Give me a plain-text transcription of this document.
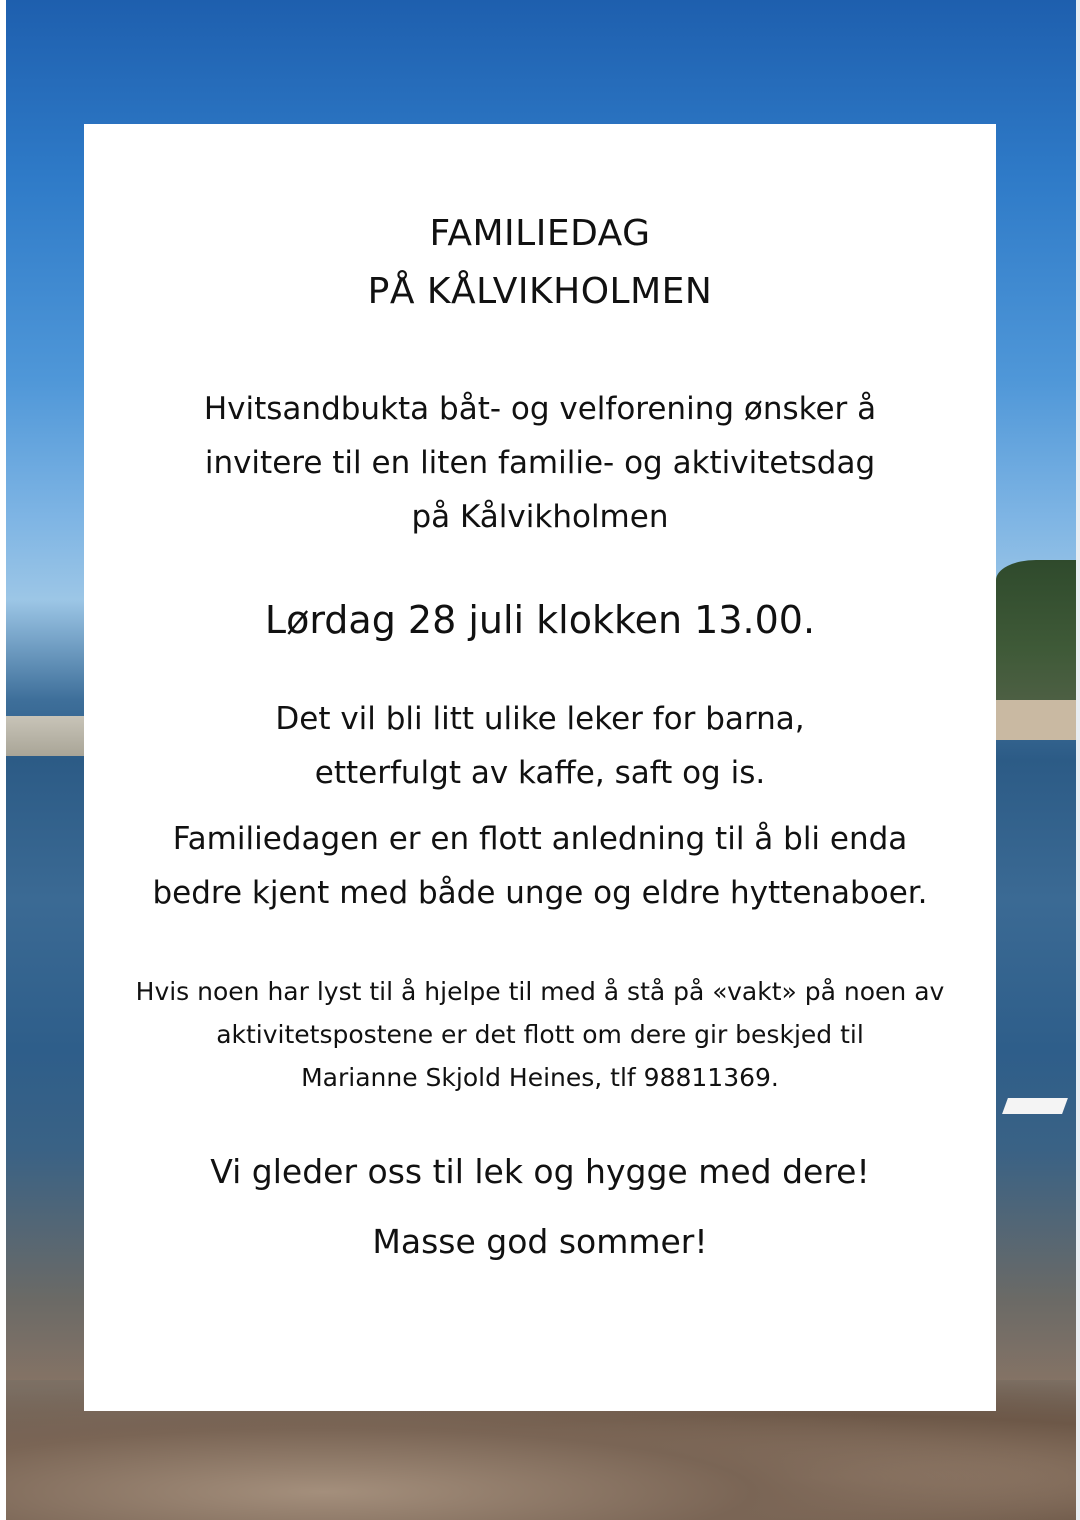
FAMILIEDAG
PÅ KÅLVIKHOLMEN
Hvitsandbukta båt- og velforening ønsker å
invitere til en liten familie- og aktivitetsdag
på Kålvikholmen
Lørdag 28 juli klokken 13.00.
Det vil bli litt ulike leker for barna,
etterfulgt av kaffe, saft og is.
Familiedagen er en flott anledning til å bli enda
bedre kjent med både unge og eldre hyttenaboer.
Hvis noen har lyst til å hjelpe til med å stå på «vakt» på noen av
aktivitetspostene er det flott om dere gir beskjed til
Marianne Skjold Heines, tlf 98811369.
Vi gleder oss til lek og hygge med dere!
Masse god sommer!
